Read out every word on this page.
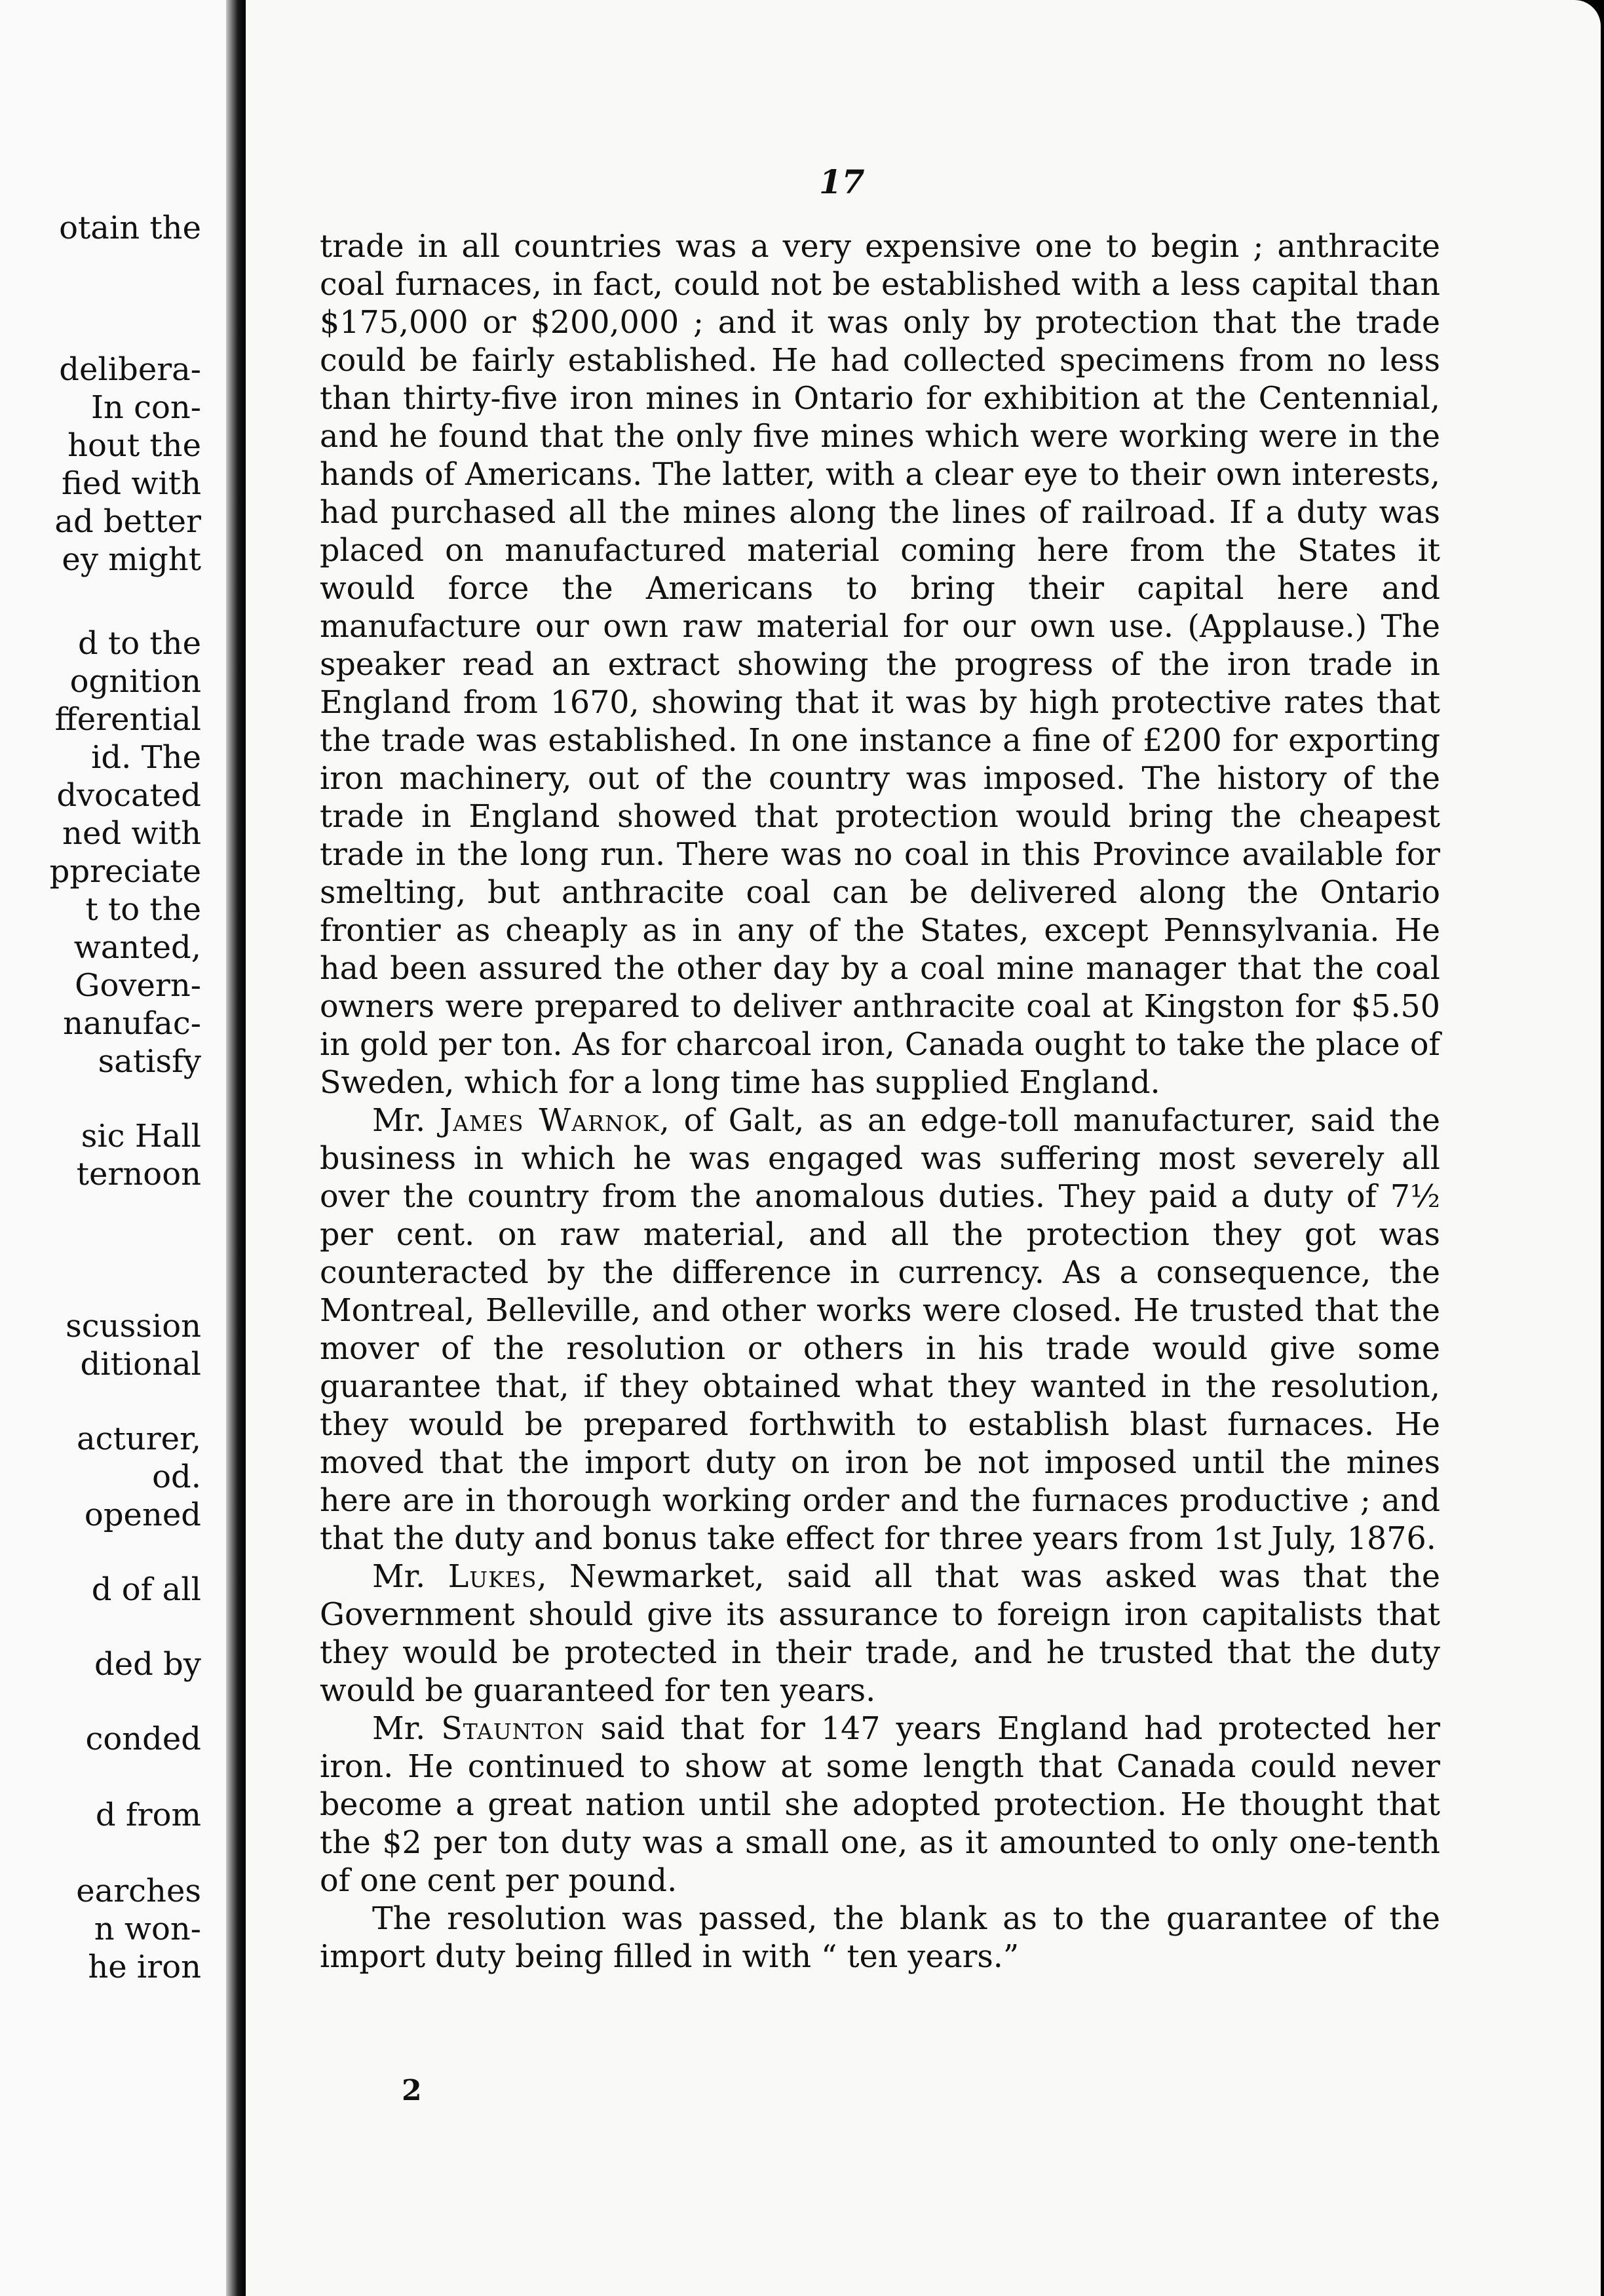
otain the
delibera-
In con-
hout the
fied with
ad better
ey might
d to the
ognition
fferential
id. The
dvocated
ned with
ppreciate
t to the
wanted,
Govern-
nanufac-
satisfy
sic Hall
ternoon
scussion
ditional
acturer,
od.
opened
d of all
ded by
conded
d from
earches
n won-
he iron
17

trade in all countries was a very expensive one to begin ; anthracite coal furnaces, in fact, could not be established with a less capital than $175,000 or $200,000 ; and it was only by protection that the trade could be fairly established. He had collected specimens from no less than thirty-five iron mines in Ontario for exhibition at the Centennial, and he found that the only five mines which were working were in the hands of Americans. The latter, with a clear eye to their own interests, had purchased all the mines along the lines of railroad. If a duty was placed on manufactured material coming here from the States it would force the Americans to bring their capital here and manufacture our own raw material for our own use. (Applause.) The speaker read an extract showing the progress of the iron trade in England from 1670, showing that it was by high protective rates that the trade was established. In one instance a fine of £200 for exporting iron machinery, out of the country was imposed. The history of the trade in England showed that protection would bring the cheapest trade in the long run. There was no coal in this Province available for smelting, but anthracite coal can be delivered along the Ontario frontier as cheaply as in any of the States, except Pennsylvania. He had been assured the other day by a coal mine manager that the coal owners were prepared to deliver anthracite coal at Kingston for $5.50 in gold per ton. As for charcoal iron, Canada ought to take the place of Sweden, which for a long time has supplied England.

Mr. James Warnok, of Galt, as an edge-toll manufacturer, said the business in which he was engaged was suffering most severely all over the country from the anomalous duties. They paid a duty of 7½ per cent. on raw material, and all the protection they got was counteracted by the difference in currency. As a consequence, the Montreal, Belleville, and other works were closed. He trusted that the mover of the resolution or others in his trade would give some guarantee that, if they obtained what they wanted in the resolution, they would be prepared forthwith to establish blast furnaces. He moved that the import duty on iron be not imposed until the mines here are in thorough working order and the furnaces productive ; and that the duty and bonus take effect for three years from 1st July, 1876.

Mr. Lukes, Newmarket, said all that was asked was that the Government should give its assurance to foreign iron capitalists that they would be protected in their trade, and he trusted that the duty would be guaranteed for ten years.

Mr. Staunton said that for 147 years England had protected her iron. He continued to show at some length that Canada could never become a great nation until she adopted protection. He thought that the $2 per ton duty was a small one, as it amounted to only one-tenth of one cent per pound.

The resolution was passed, the blank as to the guarantee of the import duty being filled in with “ ten years.”

2
